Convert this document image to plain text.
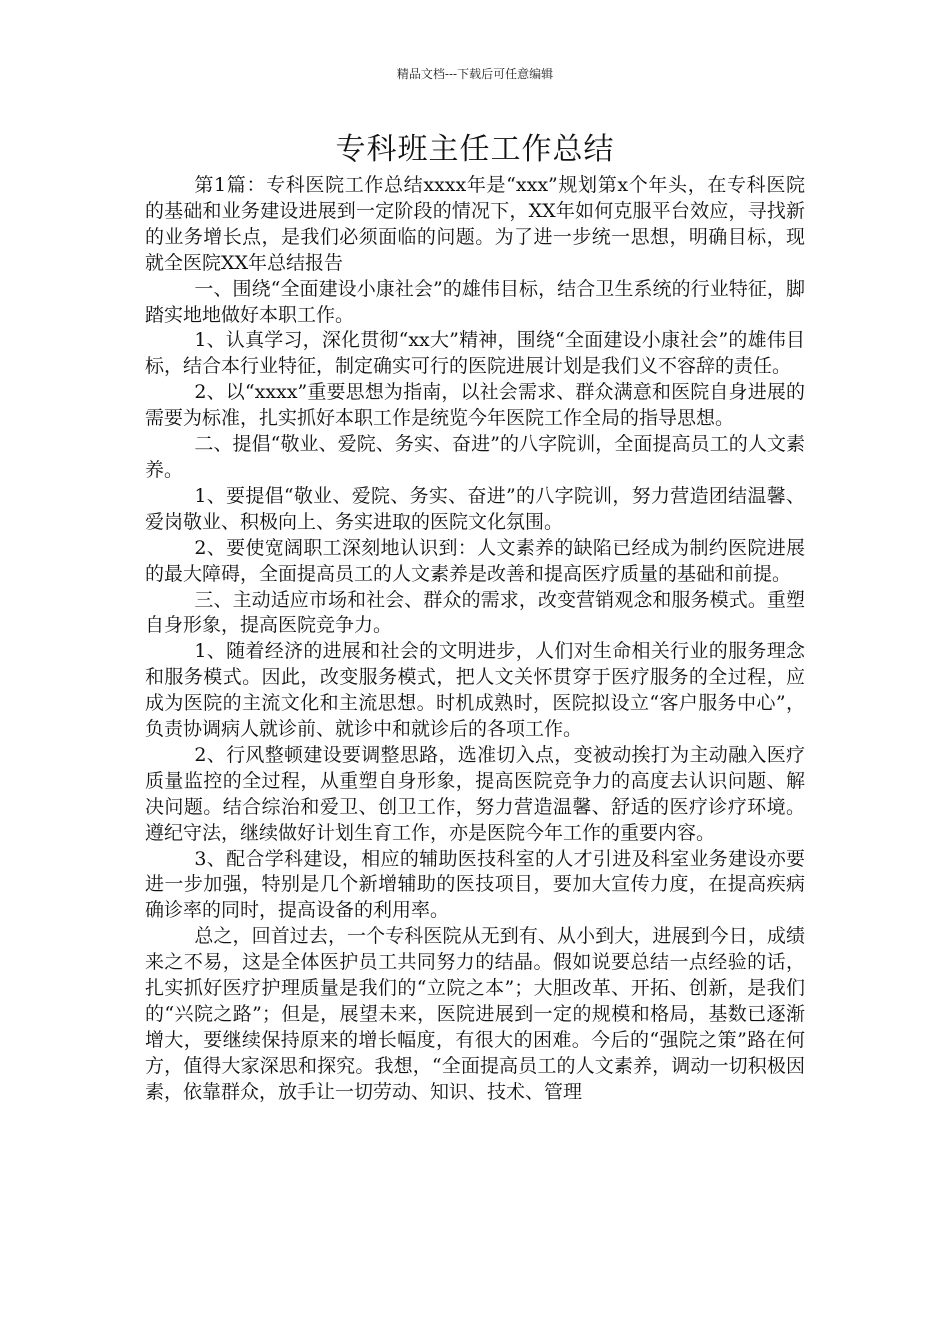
精品文档---下载后可任意编辑
专科班主任工作总结

第1篇：专科医院工作总结xxxx年是“xxx”规划第x个年头，在专科医院的基础和业务建设进展到一定阶段的情况下，XX年如何克服平台效应，寻找新的业务增长点，是我们必须面临的问题。为了进一步统一思想，明确目标，现就全医院XX年总结报告

一、围绕“全面建设小康社会”的雄伟目标，结合卫生系统的行业特征，脚踏实地地做好本职工作。

1、认真学习，深化贯彻“xx大”精神，围绕“全面建设小康社会”的雄伟目标，结合本行业特征，制定确实可行的医院进展计划是我们义不容辞的责任。

2、以“xxxx”重要思想为指南，以社会需求、群众满意和医院自身进展的需要为标准，扎实抓好本职工作是统览今年医院工作全局的指导思想。

二、提倡“敬业、爱院、务实、奋进”的八字院训，全面提高员工的人文素养。

1、要提倡“敬业、爱院、务实、奋进”的八字院训，努力营造团结温馨、爱岗敬业、积极向上、务实进取的医院文化氛围。

2、要使宽阔职工深刻地认识到：人文素养的缺陷已经成为制约医院进展的最大障碍，全面提高员工的人文素养是改善和提高医疗质量的基础和前提。

三、主动适应市场和社会、群众的需求，改变营销观念和服务模式。重塑自身形象，提高医院竞争力。

1、随着经济的进展和社会的文明进步，人们对生命相关行业的服务理念和服务模式。因此，改变服务模式，把人文关怀贯穿于医疗服务的全过程，应成为医院的主流文化和主流思想。时机成熟时，医院拟设立“客户服务中心”，负责协调病人就诊前、就诊中和就诊后的各项工作。

2、行风整顿建设要调整思路，选准切入点，变被动挨打为主动融入医疗质量监控的全过程，从重塑自身形象，提高医院竞争力的高度去认识问题、解决问题。结合综治和爱卫、创卫工作，努力营造温馨、舒适的医疗诊疗环境。遵纪守法，继续做好计划生育工作，亦是医院今年工作的重要内容。

3、配合学科建设，相应的辅助医技科室的人才引进及科室业务建设亦要进一步加强，特别是几个新增辅助的医技项目，要加大宣传力度，在提高疾病确诊率的同时，提高设备的利用率。

总之，回首过去，一个专科医院从无到有、从小到大，进展到今日，成绩来之不易，这是全体医护员工共同努力的结晶。假如说要总结一点经验的话，扎实抓好医疗护理质量是我们的“立院之本”；大胆改革、开拓、创新，是我们的“兴院之路”；但是，展望未来，医院进展到一定的规模和格局，基数已逐渐增大，要继续保持原来的增长幅度，有很大的困难。今后的“强院之策”路在何方，值得大家深思和探究。我想，“全面提高员工的人文素养，调动一切积极因素，依靠群众，放手让一切劳动、知识、技术、管理
